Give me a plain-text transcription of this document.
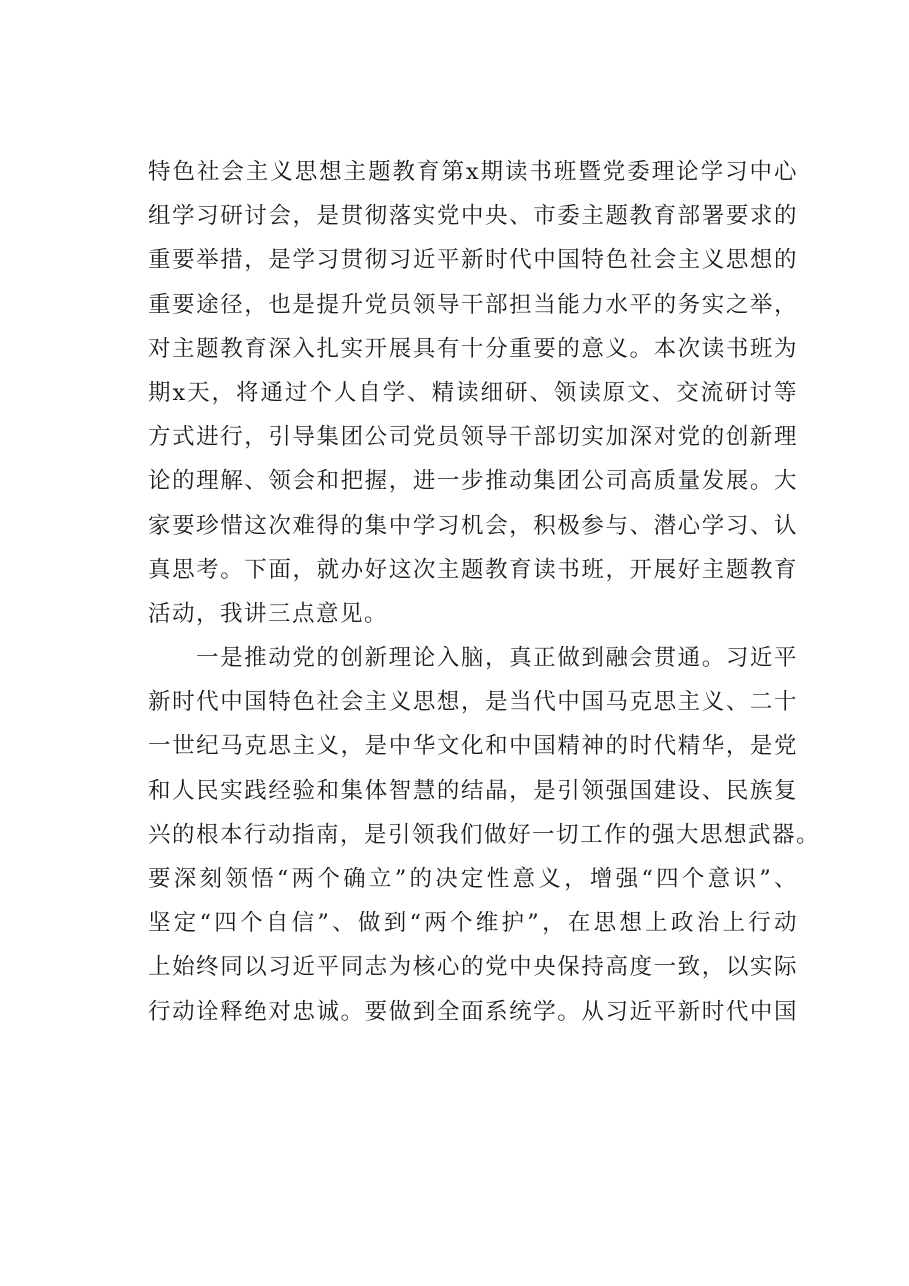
特色社会主义思想主题教育第x期读书班暨党委理论学习中心
组学习研讨会，是贯彻落实党中央、市委主题教育部署要求的
重要举措，是学习贯彻习近平新时代中国特色社会主义思想的
重要途径，也是提升党员领导干部担当能力水平的务实之举，
对主题教育深入扎实开展具有十分重要的意义。本次读书班为
期x天，将通过个人自学、精读细研、领读原文、交流研讨等
方式进行，引导集团公司党员领导干部切实加深对党的创新理
论的理解、领会和把握，进一步推动集团公司高质量发展。大
家要珍惜这次难得的集中学习机会，积极参与、潜心学习、认
真思考。下面，就办好这次主题教育读书班，开展好主题教育
活动，我讲三点意见。
一是推动党的创新理论入脑，真正做到融会贯通。习近平
新时代中国特色社会主义思想，是当代中国马克思主义、二十
一世纪马克思主义，是中华文化和中国精神的时代精华，是党
和人民实践经验和集体智慧的结晶，是引领强国建设、民族复
兴的根本行动指南，是引领我们做好一切工作的强大思想武器。
要深刻领悟“两个确立”的决定性意义，增强“四个意识”、
坚定“四个自信”、做到“两个维护”，在思想上政治上行动
上始终同以习近平同志为核心的党中央保持高度一致，以实际
行动诠释绝对忠诚。要做到全面系统学。从习近平新时代中国
